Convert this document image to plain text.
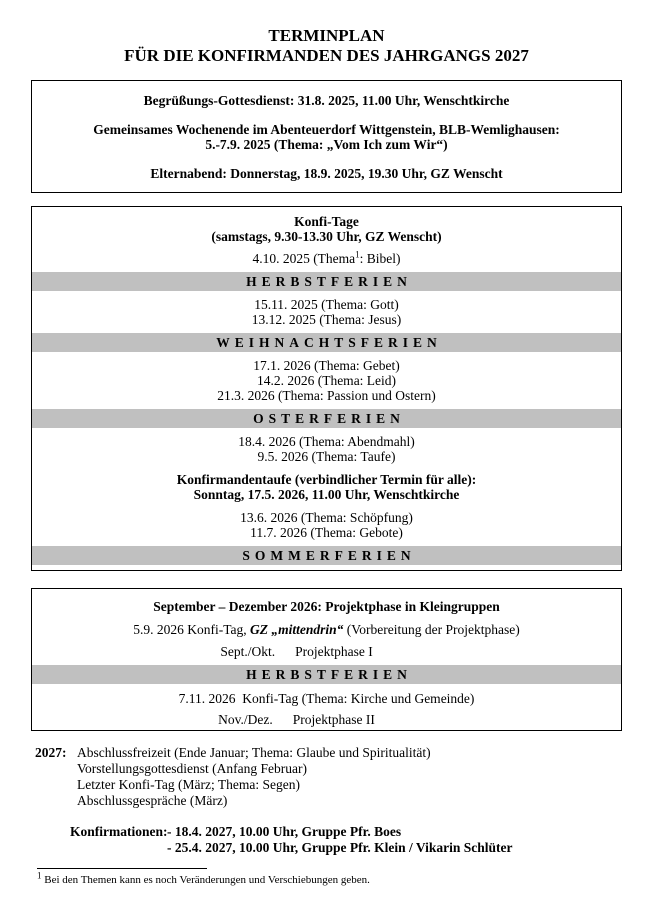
TERMINPLAN
FÜR DIE KONFIRMANDEN DES JAHRGANGS 2027
Begrüßungs-Gottesdienst: 31.8. 2025, 11.00 Uhr, Wenschtkirche
Gemeinsames Wochenende im Abenteuerdorf Wittgenstein, BLB-Wemlighausen:
5.-7.9. 2025 (Thema: „Vom Ich zum Wir“)
Elternabend: Donnerstag, 18.9. 2025, 19.30 Uhr, GZ Wenscht
Konfi-Tage
(samstags, 9.30-13.30 Uhr, GZ Wenscht)
4.10. 2025 (Thema$^1$: Bibel)
HERBSTFERIEN
15.11. 2025 (Thema: Gott)
13.12. 2025 (Thema: Jesus)
WEIHNACHTSFERIEN
17.1. 2026 (Thema: Gebet)
14.2. 2026 (Thema: Leid)
21.3. 2026 (Thema: Passion und Ostern)
OSTERFERIEN
18.4. 2026 (Thema: Abendmahl)
9.5. 2026 (Thema: Taufe)
Konfirmandentaufe (verbindlicher Termin für alle):
Sonntag, 17.5. 2026, 11.00 Uhr, Wenschtkirche
13.6. 2026 (Thema: Schöpfung)
11.7. 2026 (Thema: Gebote)
SOMMERFERIEN
September – Dezember 2026: Projektphase in Kleingruppen
5.9. 2026 Konfi-Tag, GZ „mittendrin“ (Vorbereitung der Projektphase)
Sept./Okt. Projektphase I
HERBSTFERIEN
7.11. 2026  Konfi-Tag (Thema: Kirche und Gemeinde)
Nov./Dez. Projektphase II
2027: Abschlussfreizeit (Ende Januar; Thema: Glaube und Spiritualität)
Vorstellungsgottesdienst (Anfang Februar)
Letzter Konfi-Tag (März; Thema: Segen)
Abschlussgespräche (März)
Konfirmationen: - 18.4. 2027, 10.00 Uhr, Gruppe Pfr. Boes
- 25.4. 2027, 10.00 Uhr, Gruppe Pfr. Klein / Vikarin Schlüter
$^1$ Bei den Themen kann es noch Veränderungen und Verschiebungen geben.
